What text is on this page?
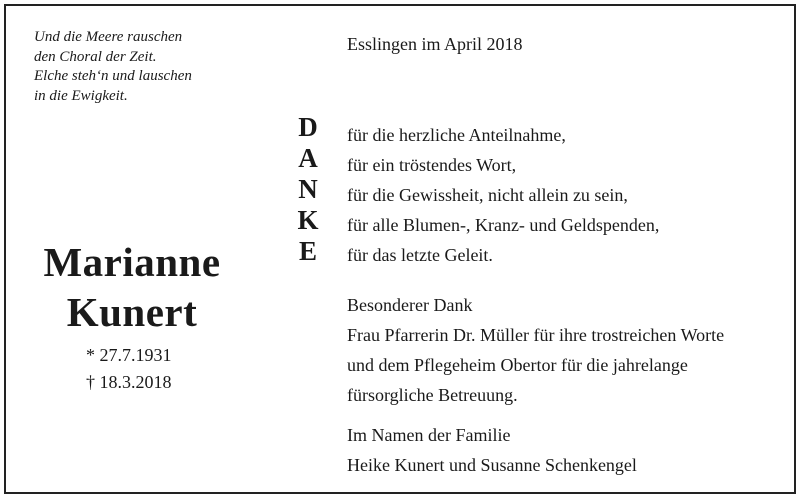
Und die Meere rauschen
den Choral der Zeit.
Elche steh‘n und lauschen
in die Ewigkeit.
Marianne
Kunert
* 27.7.1931
† 18.3.2018
D
A
N
K
E
Esslingen im April 2018
für die herzliche Anteilnahme,
für ein tröstendes Wort,
für die Gewissheit, nicht allein zu sein,
für alle Blumen-, Kranz- und Geldspenden,
für das letzte Geleit.
Besonderer Dank
Frau Pfarrerin Dr. Müller für ihre trostreichen Worte
und dem Pflegeheim Obertor für die jahrelange
fürsorgliche Betreuung.
Im Namen der Familie
Heike Kunert und Susanne Schenkengel
